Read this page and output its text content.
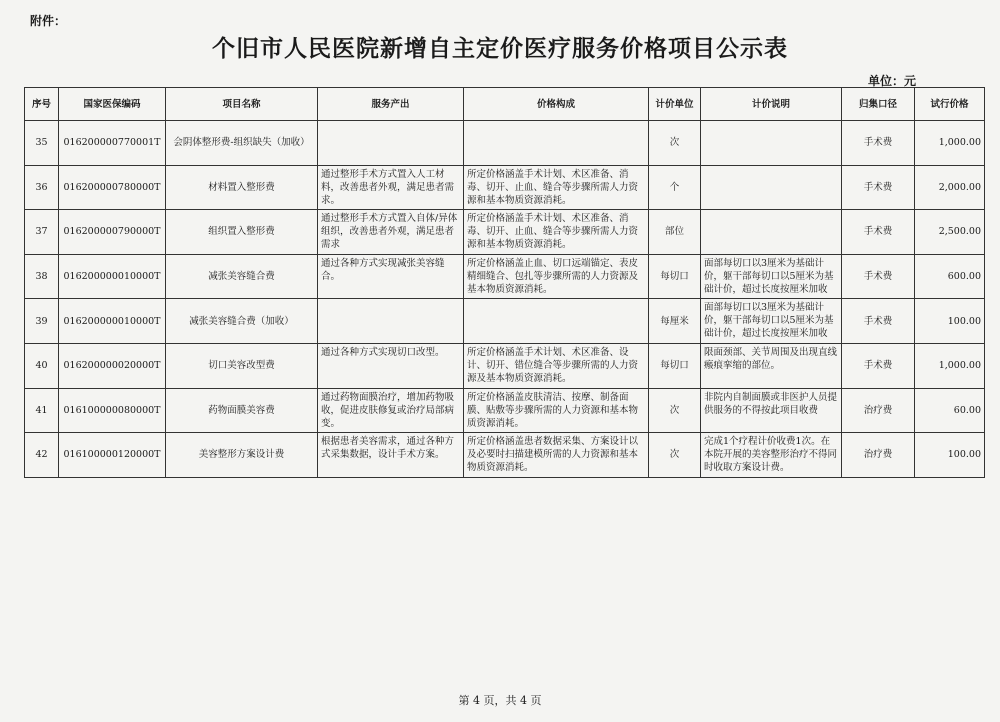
附件：
个旧市人民医院新增自主定价医疗服务价格项目公示表
单位：元
序号	国家医保编码	项目名称	服务产出	价格构成	计价单位	计价说明	归集口径	试行价格
35	016200000770001T	会阴体整形费-组织缺失（加收）			次		手术费	1,000.00
36	016200000780000T	材料置入整形费	通过整形手术方式置入人工材料，改善患者外观，满足患者需求。	所定价格涵盖手术计划、术区准备、消毒、切开、止血、缝合等步骤所需人力资源和基本物质资源消耗。	个		手术费	2,000.00
37	016200000790000T	组织置入整形费	通过整形手术方式置入自体/异体组织，改善患者外观，满足患者需求	所定价格涵盖手术计划、术区准备、消毒、切开、止血、缝合等步骤所需人力资源和基本物质资源消耗。	部位		手术费	2,500.00
38	016200000010000T	减张美容缝合费	通过各种方式实现减张美容缝合。	所定价格涵盖止血、切口远端锚定、表皮精细缝合、包扎等步骤所需的人力资源及基本物质资源消耗。	每切口	面部每切口以3厘米为基础计价，躯干部每切口以5厘米为基础计价，超过长度按厘米加收	手术费	600.00
39	016200000010000T	减张美容缝合费（加收）			每厘米	面部每切口以3厘米为基础计价，躯干部每切口以5厘米为基础计价，超过长度按厘米加收	手术费	100.00
40	016200000020000T	切口美容改型费	通过各种方式实现切口改型。	所定价格涵盖手术计划、术区准备、设计、切开、错位缝合等步骤所需的人力资源及基本物质资源消耗。	每切口	限面颈部、关节周围及出现直线瘢痕挛缩的部位。	手术费	1,000.00
41	016100000080000T	药物面膜美容费	通过药物面膜治疗，增加药物吸收，促进皮肤修复或治疗局部病变。	所定价格涵盖皮肤清洁、按摩、制备面膜、贴敷等步骤所需的人力资源和基本物质资源消耗。	次	非院内自制面膜或非医护人员提供服务的不得按此项目收费	治疗费	60.00
42	016100000120000T	美容整形方案设计费	根据患者美容需求，通过各种方式采集数据，设计手术方案。	所定价格涵盖患者数据采集、方案设计以及必要时扫描建模所需的人力资源和基本物质资源消耗。	次	完成1个疗程计价收费1次。在本院开展的美容整形治疗不得同时收取方案设计费。	治疗费	100.00
第 4 页，共 4 页
